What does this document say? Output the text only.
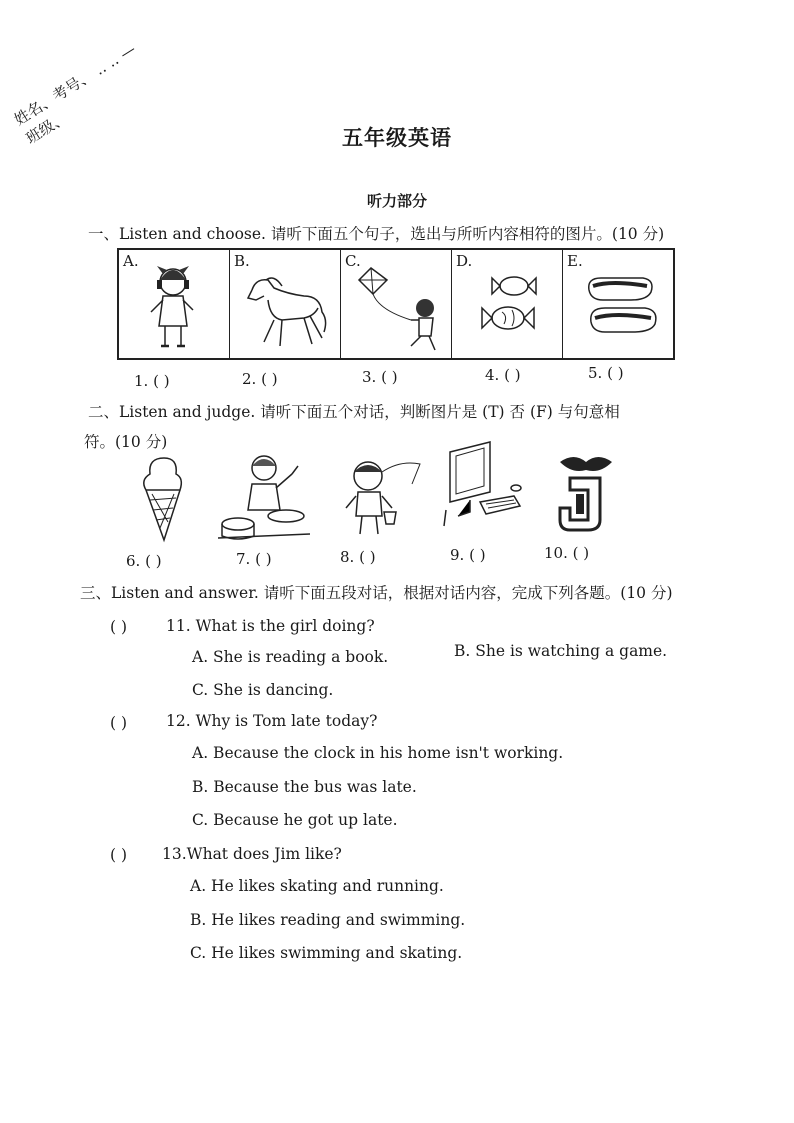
姓名、考号、 ‥ ‥ —
班级、
五年级英语
听力部分
一、Listen and choose. 请听下面五个句子，选出与所听内容相符的图片。(10 分)
A.	B.	C.	D.	E.
1. ( )	2. ( )	3. ( )	4. ( )	5. ( )
二、Listen and judge. 请听下面五个对话，判断图片是 (T) 否 (F) 与句意相
符。(10 分)
6. ( )	7. ( )	8. ( )	9. ( )	10. ( )
三、Listen and answer. 请听下面五段对话，根据对话内容，完成下列各题。(10 分)
( )	11. What is the girl doing?
A. She is reading a book.	B. She is watching a game.
C. She is dancing.
( )	12. Why is Tom late today?
A. Because the clock in his home isn't working.
B. Because the bus was late.
C. Because he got up late.
( ) 13.What does Jim like?
A. He likes skating and running.
B. He likes reading and swimming.
C. He likes swimming and skating.
